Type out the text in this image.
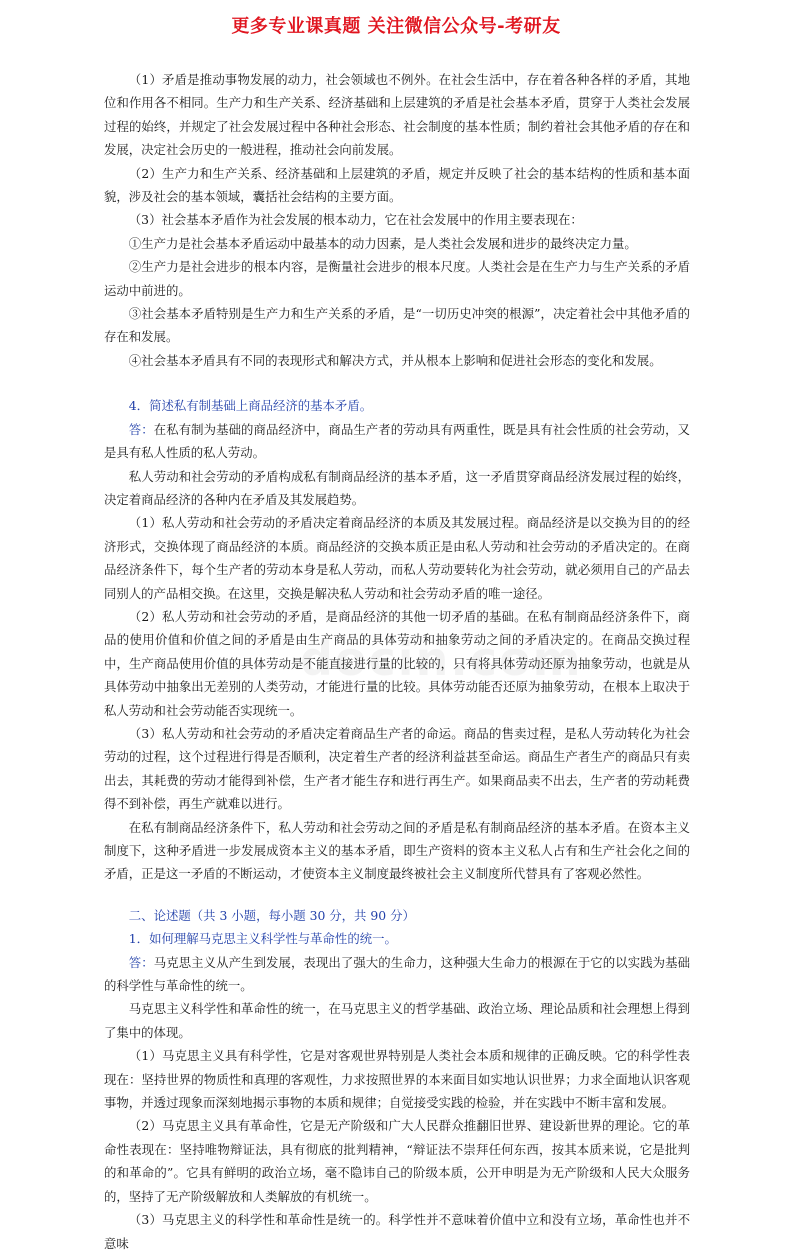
更多专业课真题 关注微信公众号-考研友

（1）矛盾是推动事物发展的动力，社会领域也不例外。在社会生活中，存在着各种各样的矛盾，其地位和作用各不相同。生产力和生产关系、经济基础和上层建筑的矛盾是社会基本矛盾，贯穿于人类社会发展过程的始终，并规定了社会发展过程中各种社会形态、社会制度的基本性质；制约着社会其他矛盾的存在和发展，决定社会历史的一般进程，推动社会向前发展。

（2）生产力和生产关系、经济基础和上层建筑的矛盾，规定并反映了社会的基本结构的性质和基本面貌，涉及社会的基本领域，囊括社会结构的主要方面。

（3）社会基本矛盾作为社会发展的根本动力，它在社会发展中的作用主要表现在：

①生产力是社会基本矛盾运动中最基本的动力因素，是人类社会发展和进步的最终决定力量。

②生产力是社会进步的根本内容，是衡量社会进步的根本尺度。人类社会是在生产力与生产关系的矛盾运动中前进的。

③社会基本矛盾特别是生产力和生产关系的矛盾，是“一切历史冲突的根源”，决定着社会中其他矛盾的存在和发展。

④社会基本矛盾具有不同的表现形式和解决方式，并从根本上影响和促进社会形态的变化和发展。

4．简述私有制基础上商品经济的基本矛盾。

答：在私有制为基础的商品经济中，商品生产者的劳动具有两重性，既是具有社会性质的社会劳动，又是具有私人性质的私人劳动。

私人劳动和社会劳动的矛盾构成私有制商品经济的基本矛盾，这一矛盾贯穿商品经济发展过程的始终，决定着商品经济的各种内在矛盾及其发展趋势。

（1）私人劳动和社会劳动的矛盾决定着商品经济的本质及其发展过程。商品经济是以交换为目的的经济形式，交换体现了商品经济的本质。商品经济的交换本质正是由私人劳动和社会劳动的矛盾决定的。在商品经济条件下，每个生产者的劳动本身是私人劳动，而私人劳动要转化为社会劳动，就必须用自己的产品去同别人的产品相交换。在这里，交换是解决私人劳动和社会劳动矛盾的唯一途径。

（2）私人劳动和社会劳动的矛盾，是商品经济的其他一切矛盾的基础。在私有制商品经济条件下，商品的使用价值和价值之间的矛盾是由生产商品的具体劳动和抽象劳动之间的矛盾决定的。在商品交换过程中，生产商品使用价值的具体劳动是不能直接进行量的比较的，只有将具体劳动还原为抽象劳动，也就是从具体劳动中抽象出无差别的人类劳动，才能进行量的比较。具体劳动能否还原为抽象劳动，在根本上取决于私人劳动和社会劳动能否实现统一。

（3）私人劳动和社会劳动的矛盾决定着商品生产者的命运。商品的售卖过程，是私人劳动转化为社会劳动的过程，这个过程进行得是否顺利，决定着生产者的经济利益甚至命运。商品生产者生产的商品只有卖出去，其耗费的劳动才能得到补偿，生产者才能生存和进行再生产。如果商品卖不出去，生产者的劳动耗费得不到补偿，再生产就难以进行。

在私有制商品经济条件下，私人劳动和社会劳动之间的矛盾是私有制商品经济的基本矛盾。在资本主义制度下，这种矛盾进一步发展成资本主义的基本矛盾，即生产资料的资本主义私人占有和生产社会化之间的矛盾，正是这一矛盾的不断运动，才使资本主义制度最终被社会主义制度所代替具有了客观必然性。

二、论述题（共 3 小题，每小题 30 分，共 90 分）

1．如何理解马克思主义科学性与革命性的统一。

答：马克思主义从产生到发展，表现出了强大的生命力，这种强大生命力的根源在于它的以实践为基础的科学性与革命性的统一。

马克思主义科学性和革命性的统一，在马克思主义的哲学基础、政治立场、理论品质和社会理想上得到了集中的体现。

（1）马克思主义具有科学性，它是对客观世界特别是人类社会本质和规律的正确反映。它的科学性表现在：坚持世界的物质性和真理的客观性，力求按照世界的本来面目如实地认识世界；力求全面地认识客观事物，并透过现象而深刻地揭示事物的本质和规律；自觉接受实践的检验，并在实践中不断丰富和发展。

（2）马克思主义具有革命性，它是无产阶级和广大人民群众推翻旧世界、建设新世界的理论。它的革命性表现在：坚持唯物辩证法，具有彻底的批判精神，“辩证法不崇拜任何东西，按其本质来说，它是批判的和革命的”。它具有鲜明的政治立场，毫不隐讳自己的阶级本质，公开申明是为无产阶级和人民大众服务的，坚持了无产阶级解放和人类解放的有机统一。

（3）马克思主义的科学性和革命性是统一的。科学性并不意味着价值中立和没有立场，革命性也并不意味
